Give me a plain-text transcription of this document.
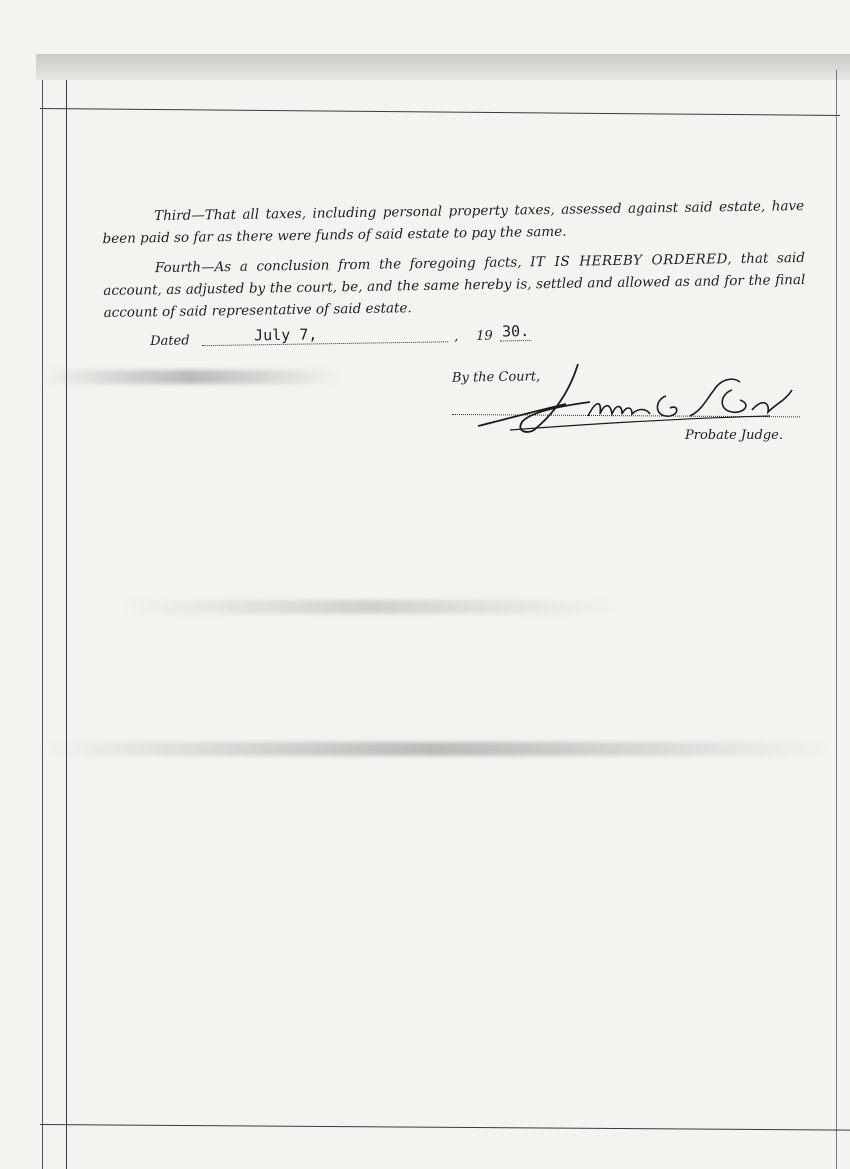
Third—That all taxes, including personal property taxes, assessed against said estate, have been paid so far as there were funds of said estate to pay the same.

Fourth—As a conclusion from the foregoing facts, IT IS HEREBY ORDERED, that said account, as adjusted by the court, be, and the same hereby is, settled and allowed as and for the final account of said representative of said estate.

Dated	July 7,	, 19 30.
By the Court,
Probate Judge.
